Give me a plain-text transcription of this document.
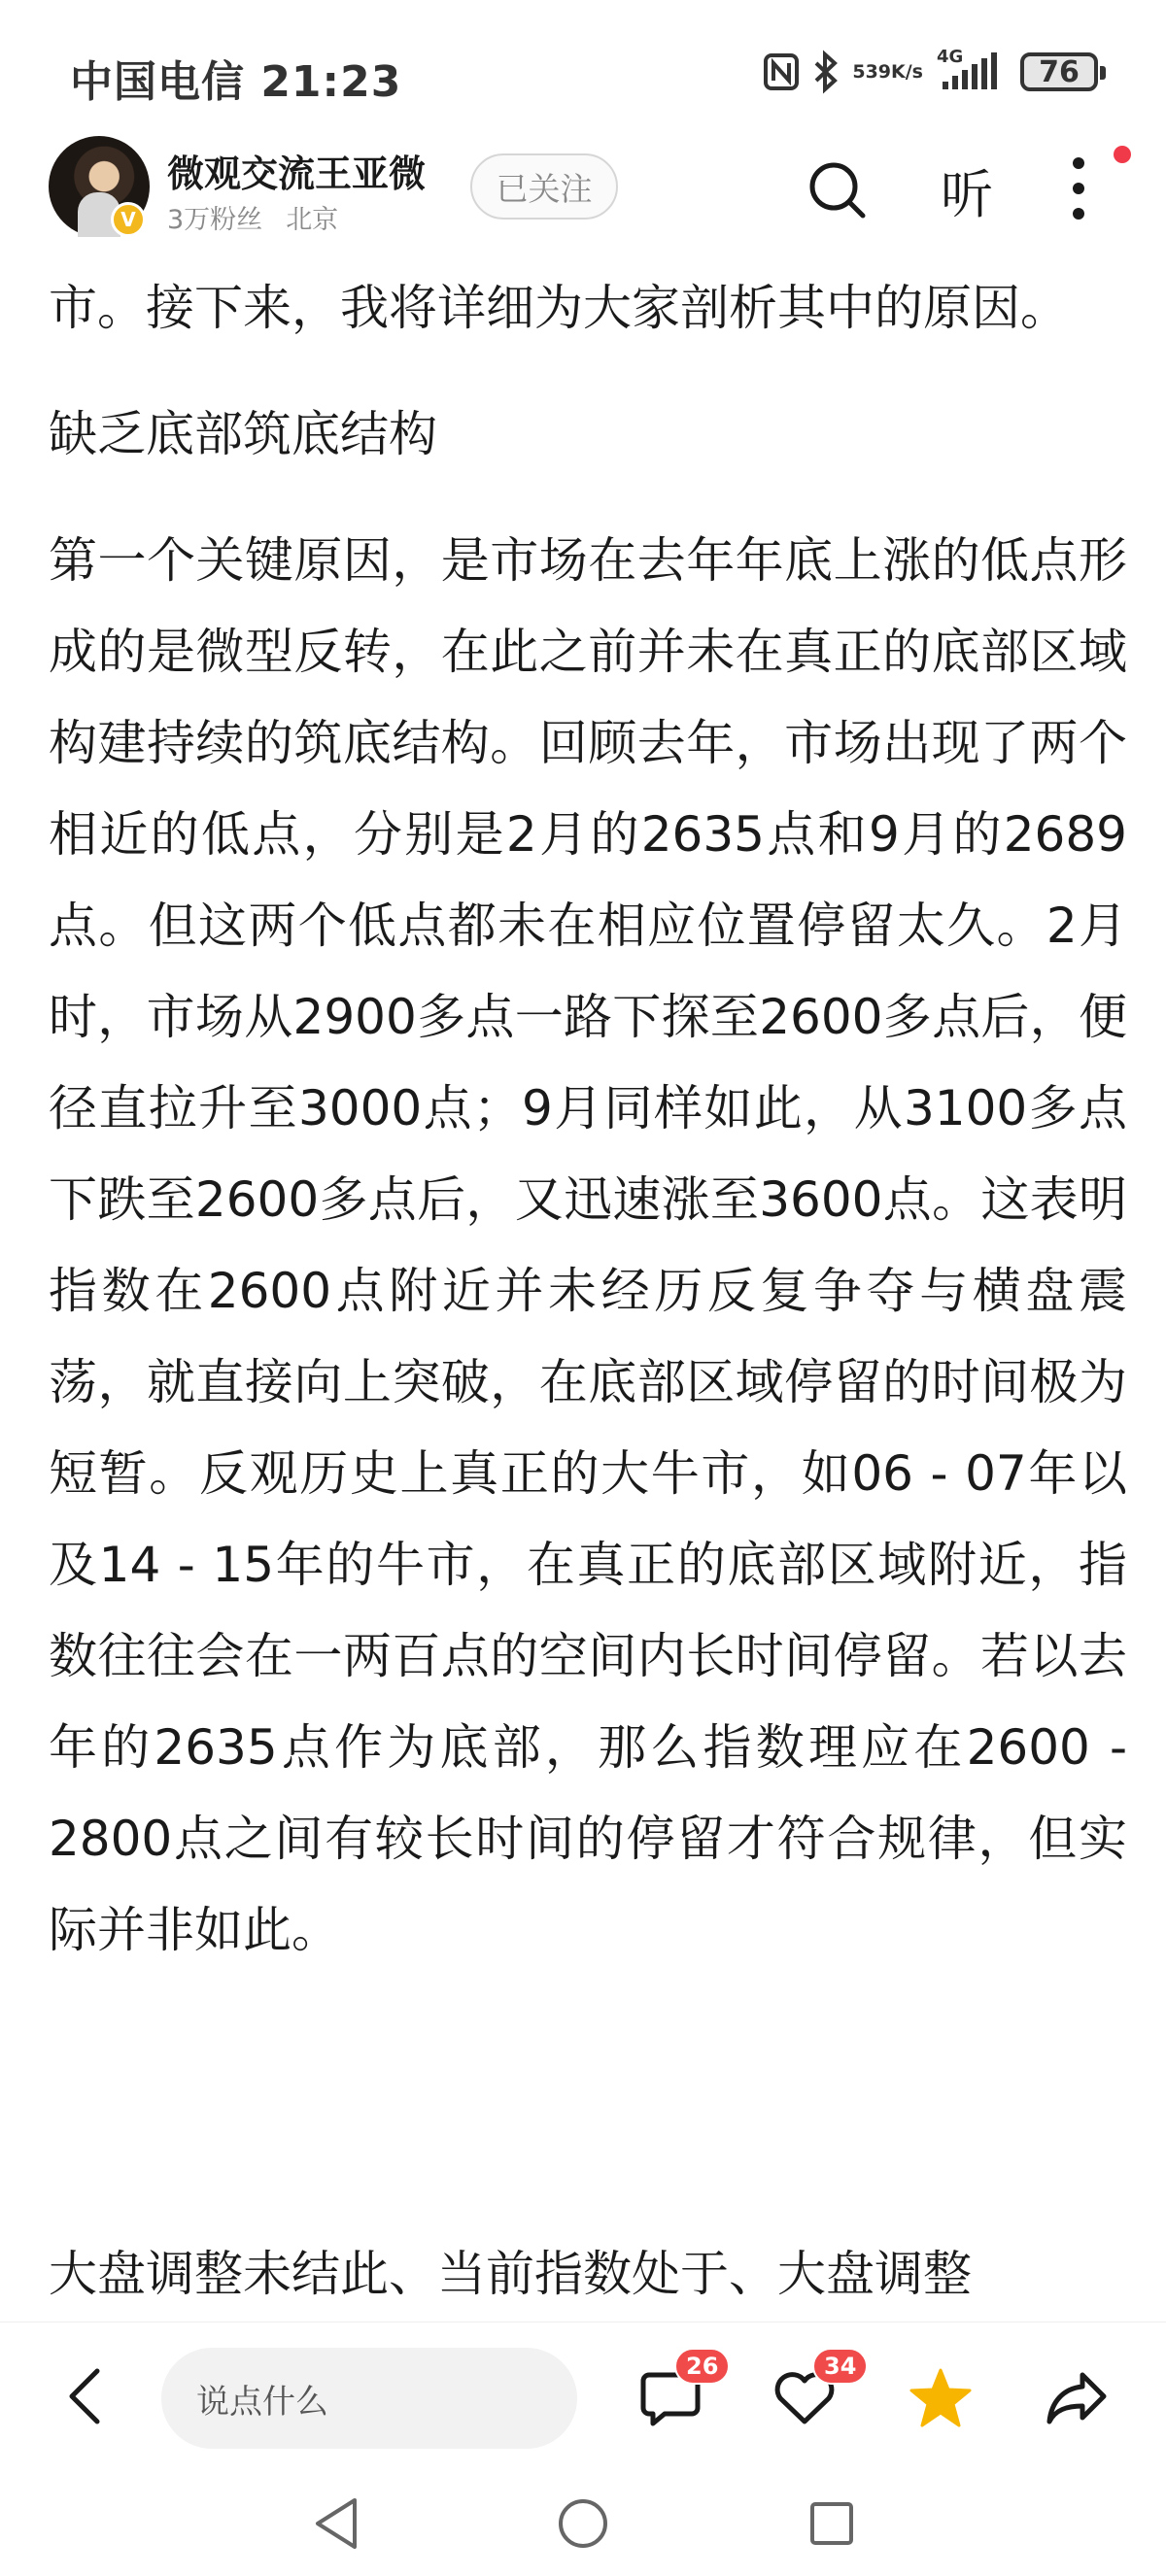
中国电信 21:23	539 K/s
4G	76
V
微观交流王亚微
3万粉丝 北京
已关注	听

市。接下来，我将详细为大家剖析其中的原因。

缺乏底部筑底结构

第一个关键原因，是市场在去年年底上涨的低点形成的是微型反转，在此之前并未在真正的底部区域构建持续的筑底结构。回顾去年，市场出现了两个相近的低点，分别是2月的2635点和9月的2689点。但这两个低点都未在相应位置停留太久。2月时，市场从2900多点一路下探至2600多点后，便径直拉升至3000点；9月同样如此，从3100多点下跌至2600多点后，又迅速涨至3600点。这表明指数在2600点附近并未经历反复争夺与横盘震荡，就直接向上突破，在底部区域停留的时间极为短暂。反观历史上真正的大牛市，如06 - 07年以及14 - 15年的牛市，在真正的底部区域附近，指数往往会在一两百点的空间内长时间停留。若以去年的2635点作为底部，那么指数理应在2600 - 2800点之间有较长时间的停留才符合规律，但实际并非如此。

大盘调整未结此、当前指数处于、大盘调整
说点什么
26	34
